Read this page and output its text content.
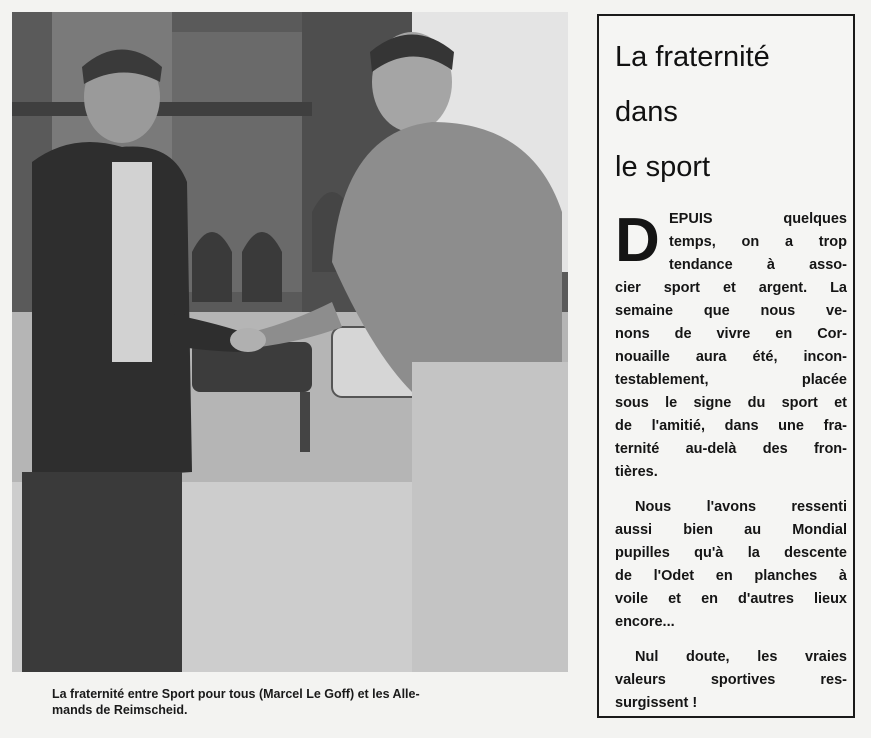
La fraternité entre Sport pour tous (Marcel Le Goff) et les Alle-

mands de Reimscheid.

La fraternité
dans
le sport

D EPUIS quelques
temps, on a trop
tendance à asso-
cier sport et argent. La
semaine que nous ve-
nons de vivre en Cor-
nouaille aura été, incon-
testablement, placée
sous le signe du sport et
de l'amitié, dans une fra-
ternité au-delà des fron-
tières.

Nous l'avons ressenti
aussi bien au Mondial
pupilles qu'à la descente
de l'Odet en planches à
voile et en d'autres lieux
encore...

Nul doute, les vraies
valeurs sportives res-
surgissent !
